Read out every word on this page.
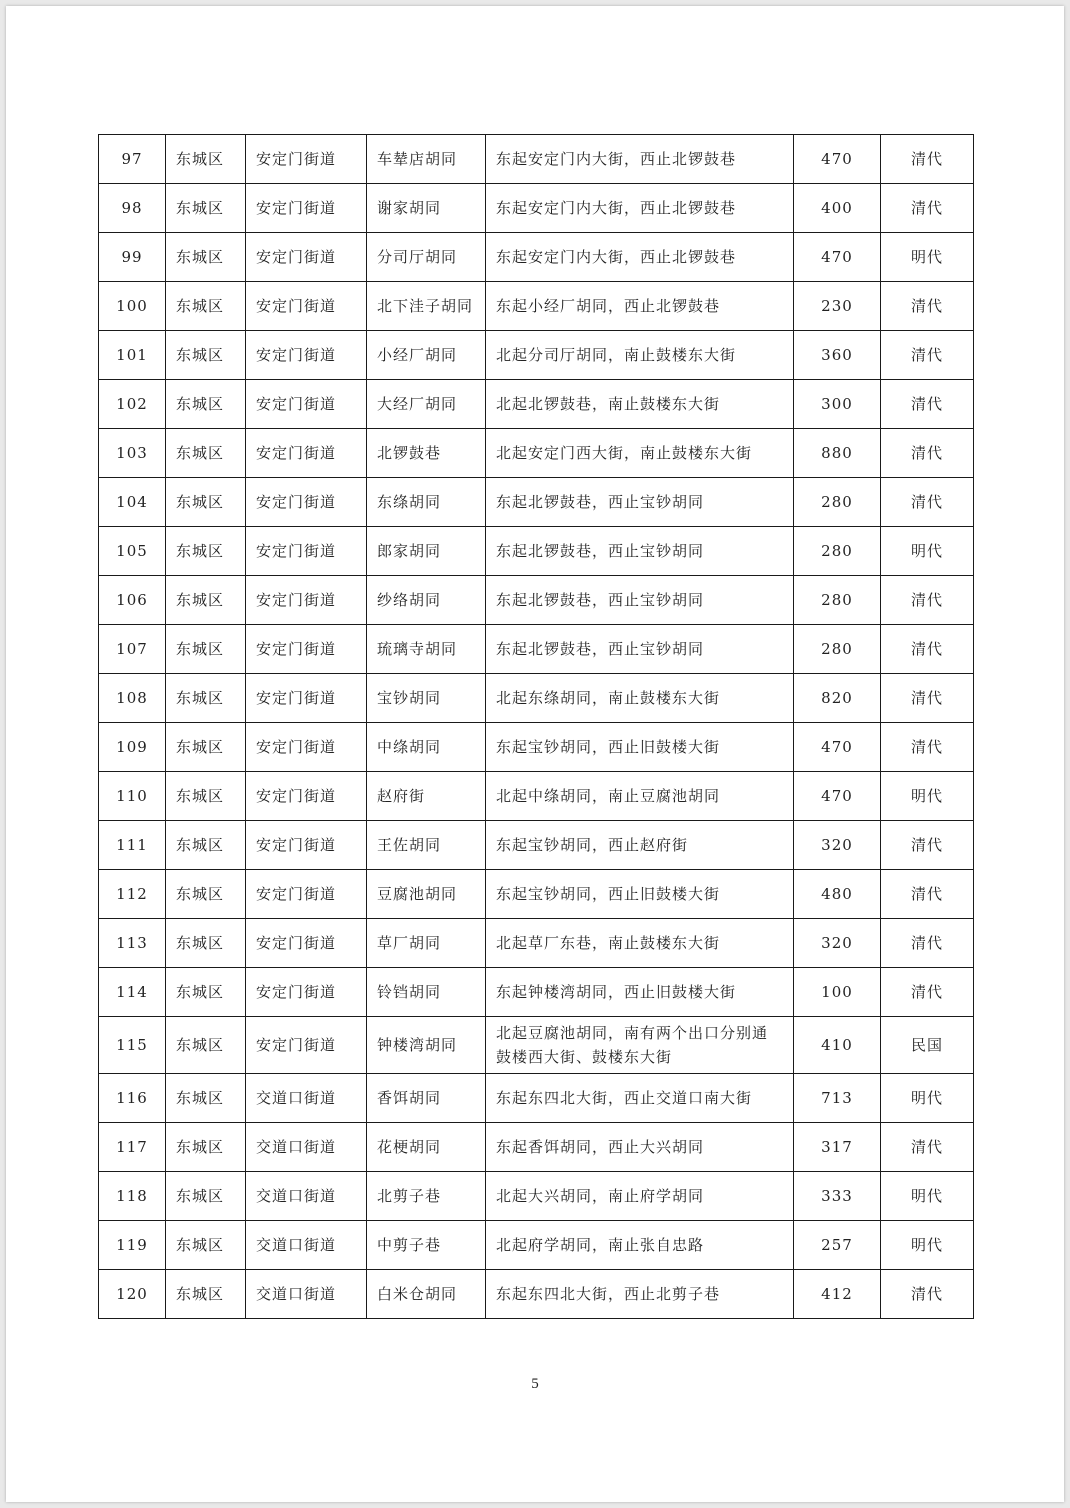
97	东城区	安定门街道	车辇店胡同	东起安定门内大街，西止北锣鼓巷	470	清代
98	东城区	安定门街道	谢家胡同	东起安定门内大街，西止北锣鼓巷	400	清代
99	东城区	安定门街道	分司厅胡同	东起安定门内大街，西止北锣鼓巷	470	明代
100	东城区	安定门街道	北下洼子胡同	东起小经厂胡同，西止北锣鼓巷	230	清代
101	东城区	安定门街道	小经厂胡同	北起分司厅胡同，南止鼓楼东大街	360	清代
102	东城区	安定门街道	大经厂胡同	北起北锣鼓巷，南止鼓楼东大街	300	清代
103	东城区	安定门街道	北锣鼓巷	北起安定门西大街，南止鼓楼东大街	880	清代
104	东城区	安定门街道	东绦胡同	东起北锣鼓巷，西止宝钞胡同	280	清代
105	东城区	安定门街道	郎家胡同	东起北锣鼓巷，西止宝钞胡同	280	明代
106	东城区	安定门街道	纱络胡同	东起北锣鼓巷，西止宝钞胡同	280	清代
107	东城区	安定门街道	琉璃寺胡同	东起北锣鼓巷，西止宝钞胡同	280	清代
108	东城区	安定门街道	宝钞胡同	北起东绦胡同，南止鼓楼东大街	820	清代
109	东城区	安定门街道	中绦胡同	东起宝钞胡同，西止旧鼓楼大街	470	清代
110	东城区	安定门街道	赵府街	北起中绦胡同，南止豆腐池胡同	470	明代
111	东城区	安定门街道	王佐胡同	东起宝钞胡同，西止赵府街	320	清代
112	东城区	安定门街道	豆腐池胡同	东起宝钞胡同，西止旧鼓楼大街	480	清代
113	东城区	安定门街道	草厂胡同	北起草厂东巷，南止鼓楼东大街	320	清代
114	东城区	安定门街道	铃铛胡同	东起钟楼湾胡同，西止旧鼓楼大街	100	清代
115	东城区	安定门街道	钟楼湾胡同	北起豆腐池胡同，南有两个出口分别通鼓楼西大街、鼓楼东大街	410	民国
116	东城区	交道口街道	香饵胡同	东起东四北大街，西止交道口南大街	713	明代
117	东城区	交道口街道	花梗胡同	东起香饵胡同，西止大兴胡同	317	清代
118	东城区	交道口街道	北剪子巷	北起大兴胡同，南止府学胡同	333	明代
119	东城区	交道口街道	中剪子巷	北起府学胡同，南止张自忠路	257	明代
120	东城区	交道口街道	白米仓胡同	东起东四北大街，西止北剪子巷	412	清代
5
